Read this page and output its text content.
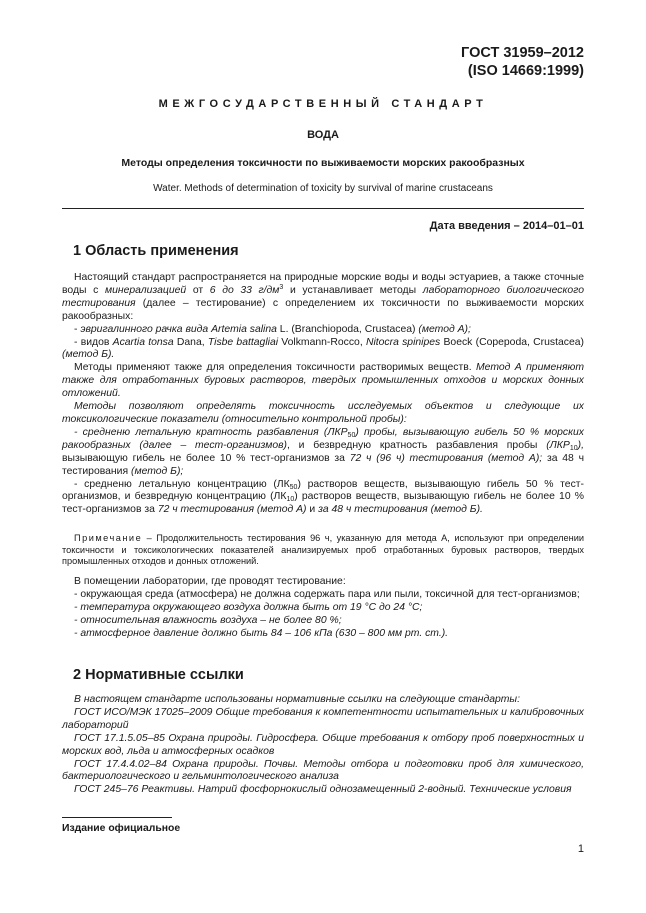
ГОСТ 31959–2012
(ISO 14669:1999)
МЕЖГОСУДАРСТВЕННЫЙ СТАНДАРТ
ВОДА
Методы определения токсичности по выживаемости морских ракообразных
Water. Methods of determination of toxicity by survival of marine crustaceans
Дата введения – 2014–01–01
1 Область применения

Настоящий стандарт распространяется на природные морские воды и воды эстуариев, а также сточные воды с минерализацией от 6 до 33 $г/дм^3$ и устанавливает методы лабораторного биологического тестирования (далее – тестирование) с определением их токсичности по выживаемости морских ракообразных:

- эвригалинного рачка вида Artemia salina L. (Branchiopoda, Crustacea) (метод А);

- видов Acartia tonsa Dana, Tisbe battagliai Volkmann-Rocco, Nitocra spinipes Boeck (Copepoda, Crustacea) (метод Б).

Методы применяют также для определения токсичности растворимых веществ. Метод А применяют также для отработанных буровых растворов, твердых промышленных отходов и морских донных отложений.

Методы позволяют определять токсичность исследуемых объектов и следующие их токсикологические показатели (относительно контрольной пробы):

- средненю летальную кратность разбавления $(ЛКР_{50})$ пробы, вызывающую гибель 50 % морских ракообразных (далее – тест-организмов), и безвредную кратность разбавления пробы $(ЛКР_{10})$, вызывающую гибель не более 10 % тест-организмов за 72 ч (96 ч) тестирования (метод А); за 48 ч тестирования (метод Б);

- средненю летальную концентрацию $(ЛК_{50})$ растворов веществ, вызывающую гибель 50 % тест-организмов, и безвредную концентрацию $(ЛК_{10})$ растворов веществ, вызывающую гибель не более 10 % тест-организмов за 72 ч тестирования (метод А) и за 48 ч тестирования (метод Б).

Примечание – Продолжительность тестирования 96 ч, указанную для метода А, используют при определении токсичности и токсикологических показателей анализируемых проб отработанных буровых растворов, твердых промышленных отходов и донных отложений.

В помещении лаборатории, где проводят тестирование:

- окружающая среда (атмосфера) не должна содержать пара или пыли, токсичной для тест-организмов;

- температура окружающего воздуха должна быть от 19 °С до 24 °С;

- относительная влажность воздуха – не более 80 %;

- атмосферное давление должно быть 84 – 106 кПа (630 – 800 мм рт. ст.).

2 Нормативные ссылки

В настоящем стандарте использованы нормативные ссылки на следующие стандарты:

ГОСТ ИСО/МЭК 17025–2009 Общие требования к компетентности испытательных и калибровочных лабораторий

ГОСТ 17.1.5.05–85 Охрана природы. Гидросфера. Общие требования к отбору проб поверхностных и морских вод, льда и атмосферных осадков

ГОСТ 17.4.4.02–84 Охрана природы. Почвы. Методы отбора и подготовки проб для химического, бактериологического и гельминтологического анализа

ГОСТ 245–76 Реактивы. Натрий фосфорнокислый однозамещенный 2-водный. Технические условия

Издание официальное
1
